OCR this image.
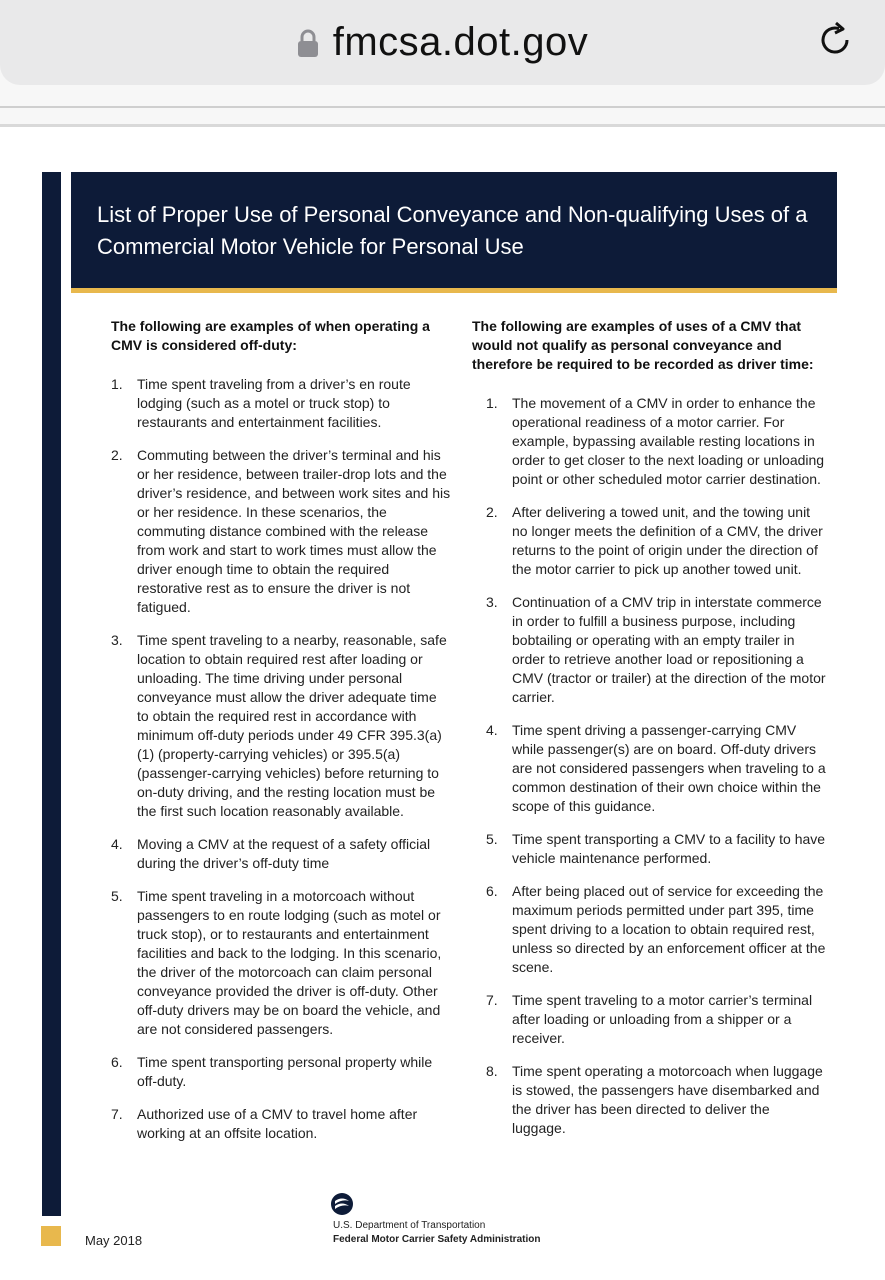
fmcsa.dot.gov
List of Proper Use of Personal Conveyance and Non-qualifying Uses of a Commercial Motor Vehicle for Personal Use

The following are examples of when operating a CMV is considered off-duty:

1. Time spent traveling from a driver’s en route lodging (such as a motel or truck stop) to restaurants and entertainment facilities.
2. Commuting between the driver’s terminal and his or her residence, between trailer-drop lots and the driver’s residence, and between work sites and his or her residence. In these scenarios, the commuting distance combined with the release from work and start to work times must allow the driver enough time to obtain the required restorative rest as to ensure the driver is not fatigued.
3. Time spent traveling to a nearby, reasonable, safe location to obtain required rest after loading or unloading. The time driving under personal conveyance must allow the driver adequate time to obtain the required rest in accordance with minimum off-duty periods under 49 CFR 395.3(a)(1) (property-carrying vehicles) or 395.5(a) (passenger-carrying vehicles) before returning to on-duty driving, and the resting location must be the first such location reasonably available.
4. Moving a CMV at the request of a safety official during the driver’s off-duty time
5. Time spent traveling in a motorcoach without passengers to en route lodging (such as motel or truck stop), or to restaurants and entertainment facilities and back to the lodging. In this scenario, the driver of the motorcoach can claim personal conveyance provided the driver is off-duty. Other off-duty drivers may be on board the vehicle, and are not considered passengers.
6. Time spent transporting personal property while off-duty.
7. Authorized use of a CMV to travel home after working at an offsite location.

The following are examples of uses of a CMV that would not qualify as personal conveyance and therefore be required to be recorded as driver time:

1. The movement of a CMV in order to enhance the operational readiness of a motor carrier. For example, bypassing available resting locations in order to get closer to the next loading or unloading point or other scheduled motor carrier destination.
2. After delivering a towed unit, and the towing unit no longer meets the definition of a CMV, the driver returns to the point of origin under the direction of the motor carrier to pick up another towed unit.
3. Continuation of a CMV trip in interstate commerce in order to fulfill a business purpose, including bobtailing or operating with an empty trailer in order to retrieve another load or repositioning a CMV (tractor or trailer) at the direction of the motor carrier.
4. Time spent driving a passenger-carrying CMV while passenger(s) are on board. Off-duty drivers are not considered passengers when traveling to a common destination of their own choice within the scope of this guidance.
5. Time spent transporting a CMV to a facility to have vehicle maintenance performed.
6. After being placed out of service for exceeding the maximum periods permitted under part 395, time spent driving to a location to obtain required rest, unless so directed by an enforcement officer at the scene.
7. Time spent traveling to a motor carrier’s terminal after loading or unloading from a shipper or a receiver.
8. Time spent operating a motorcoach when luggage is stowed, the passengers have disembarked and the driver has been directed to deliver the luggage.
May 2018
U.S. Department of Transportation
Federal Motor Carrier Safety Administration
